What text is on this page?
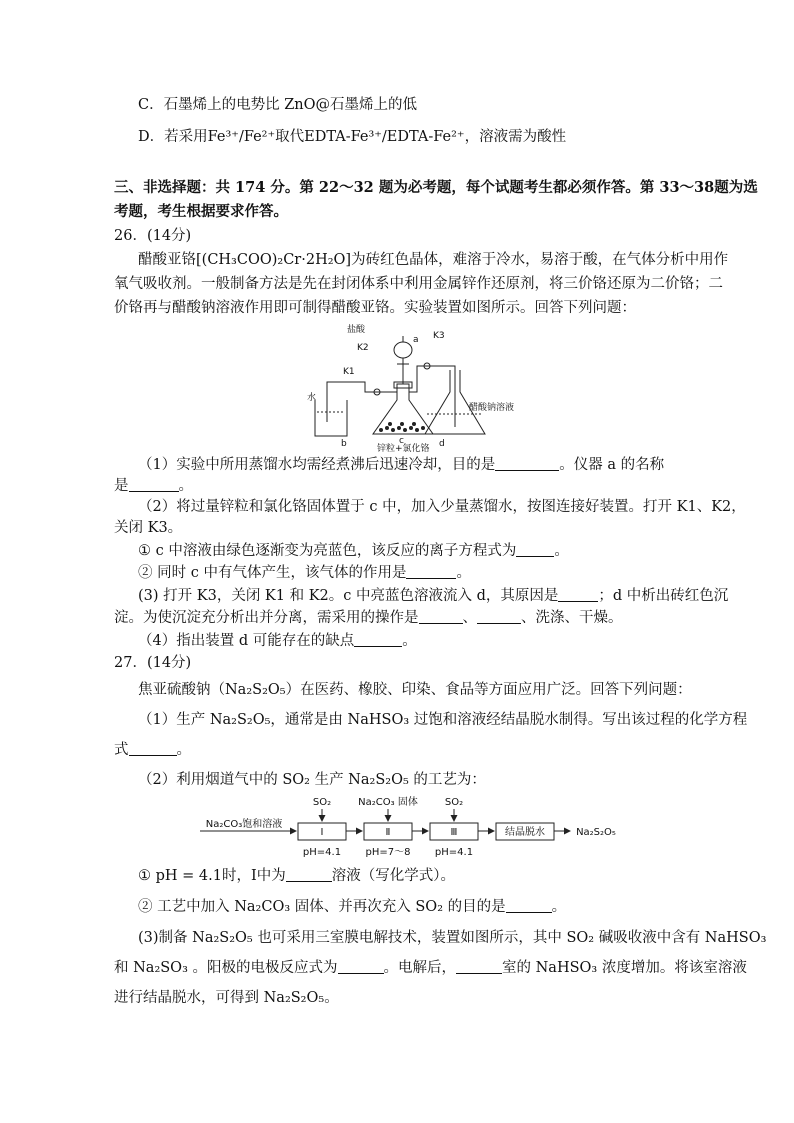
C．石墨烯上的电势比 ZnO@石墨烯上的低
D．若采用Fe³⁺/Fe²⁺取代EDTA-Fe³⁺/EDTA-Fe²⁺，溶液需为酸性
三、非选择题：共 174 分。第 22～32 题为必考题，每个试题考生都必须作答。第 33～38题为选
考题，考生根据要求作答。
26．(14分)
醋酸亚铬[(CH₃COO)₂Cr·2H₂O]为砖红色晶体，难溶于冷水，易溶于酸，在气体分析中用作
氧气吸收剂。一般制备方法是先在封闭体系中利用金属锌作还原剂，将三价铬还原为二价铬；二
价铬再与醋酸钠溶液作用即可制得醋酸亚铬。实验装置如图所示。回答下列问题：
盐酸
a K3
K2
K1
水
b	c	d
锌粒+氯化铬
醋酸钠溶液
（1）实验中所用蒸馏水均需经煮沸后迅速冷却，目的是	。仪器 a 的名称
是	。
（2）将过量锌粒和氯化铬固体置于 c 中，加入少量蒸馏水，按图连接好装置。打开 K1、K2，
关闭 K3。
① c 中溶液由绿色逐渐变为亮蓝色，该反应的离子方程式为	。
② 同时 c 中有气体产生，该气体的作用是	。
(3) 打开 K3，关闭 K1 和 K2。c 中亮蓝色溶液流入 d，其原因是	；d 中析出砖红色沉
淀。为使沉淀充分析出并分离，需采用的操作是	、	、洗涤、干燥。
（4）指出装置 d 可能存在的缺点	。
27．(14分)
焦亚硫酸钠（Na₂S₂O₅）在医药、橡胶、印染、食品等方面应用广泛。回答下列问题：
（1）生产 Na₂S₂O₅，通常是由 NaHSO₃ 过饱和溶液经结晶脱水制得。写出该过程的化学方程
式	。
（2）利用烟道气中的 SO₂ 生产 Na₂S₂O₅ 的工艺为：
Na₂CO₃饱和溶液
SO₂	Na₂CO₃ 固体	SO₂
Ⅰ	Ⅱ	Ⅲ	结晶脱水	Na₂S₂O₅
pH=4.1 pH=7～8 pH=4.1
① pH = 4.1时，Ⅰ中为	溶液（写化学式）。
② 工艺中加入 Na₂CO₃ 固体、并再次充入 SO₂ 的目的是	。
(3)制备 Na₂S₂O₅ 也可采用三室膜电解技术，装置如图所示，其中 SO₂ 碱吸收液中含有 NaHSO₃
和 Na₂SO₃ 。阳极的电极反应式为	。电解后，	室的 NaHSO₃ 浓度增加。将该室溶液
进行结晶脱水，可得到 Na₂S₂O₅。
